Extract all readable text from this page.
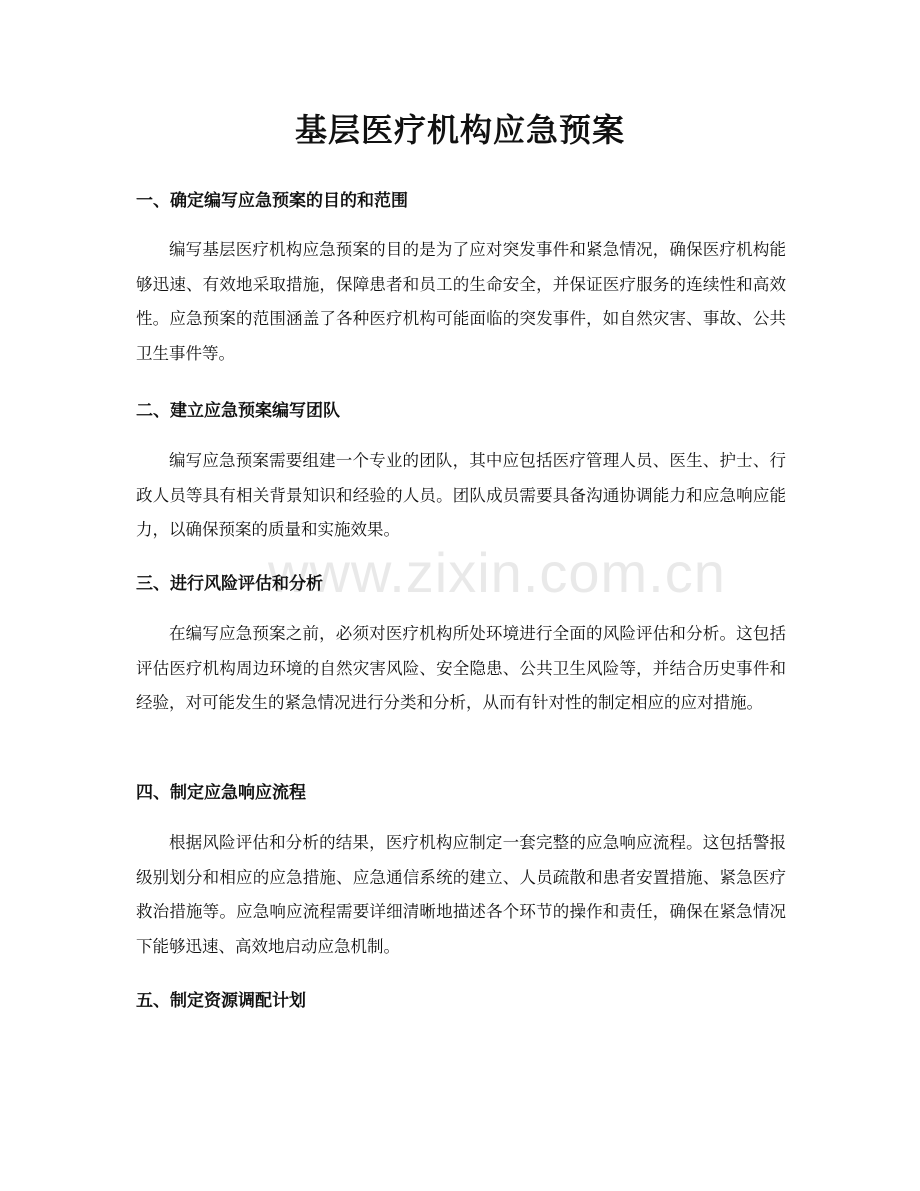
www.zixin.com.cn
基层医疗机构应急预案
一、确定编写应急预案的目的和范围

编写基层医疗机构应急预案的目的是为了应对突发事件和紧急情况，确保医疗机构能够迅速、有效地采取措施，保障患者和员工的生命安全，并保证医疗服务的连续性和高效性。应急预案的范围涵盖了各种医疗机构可能面临的突发事件，如自然灾害、事故、公共卫生事件等。

二、建立应急预案编写团队

编写应急预案需要组建一个专业的团队，其中应包括医疗管理人员、医生、护士、行政人员等具有相关背景知识和经验的人员。团队成员需要具备沟通协调能力和应急响应能力，以确保预案的质量和实施效果。

三、进行风险评估和分析

在编写应急预案之前，必须对医疗机构所处环境进行全面的风险评估和分析。这包括评估医疗机构周边环境的自然灾害风险、安全隐患、公共卫生风险等，并结合历史事件和经验，对可能发生的紧急情况进行分类和分析，从而有针对性的制定相应的应对措施。

四、制定应急响应流程

根据风险评估和分析的结果，医疗机构应制定一套完整的应急响应流程。这包括警报级别划分和相应的应急措施、应急通信系统的建立、人员疏散和患者安置措施、紧急医疗救治措施等。应急响应流程需要详细清晰地描述各个环节的操作和责任，确保在紧急情况下能够迅速、高效地启动应急机制。

五、制定资源调配计划
